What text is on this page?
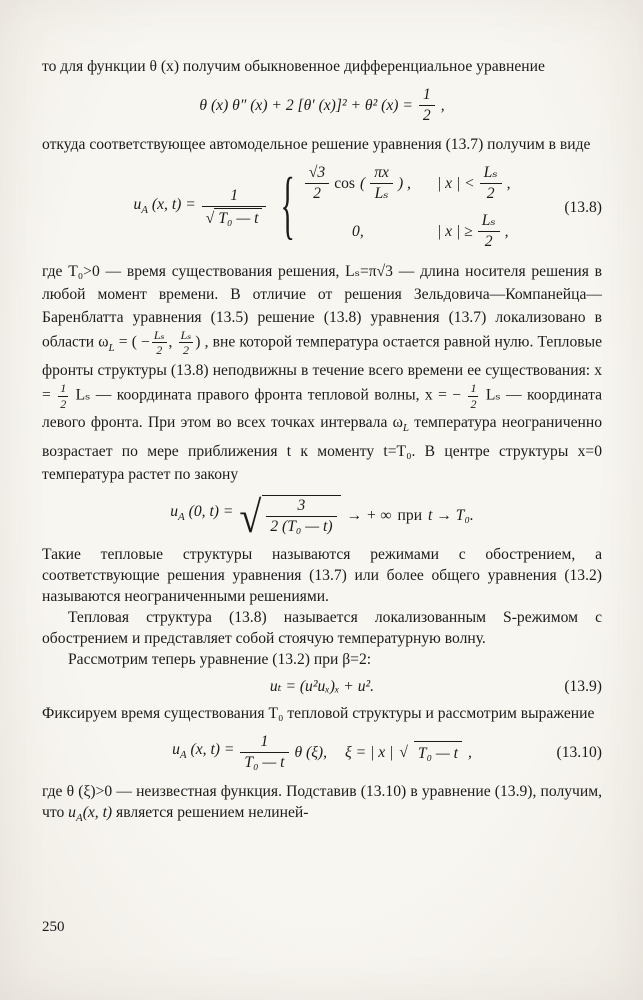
то для функции θ (x) получим обыкновенное дифференциальное уравнение

θ (x) θ″ (x) + 2 [θ′ (x)]² + θ² $(x) = \frac{1}{2}$ ,

откуда соответствующее автомодельное решение уравнения (13.7) получим в виде

$u_A$ (x, $t) = \frac{1}{\text{√ T₀ — t}}$ { $\frac{√3}{2}$ cos ( $\frac{\pi x}{\text{Lₛ}}$ ) , | x | < $\frac{\text{Lₛ}}{2}$ ,
0,	| x | ≥ $\frac{\text{Lₛ}}{2}$ ,
(13.8)

где T₀>0 — время существования решения, Lₛ=π√3 — длина носителя решения в любой момент времени. В отличие от решения Зельдовича—Компанейца—Баренблатта уравнения (13.5) решение (13.8) уравнения (13.7) локализовано в области $\omega_L$ = ( − $\frac{\text{Lₛ}}{2}$ , $\frac{\text{Lₛ}}{2}$ ) , вне которой температура остается равной нулю. Тепловые фронты структуры (13.8) неподвижны в течение всего времени ее существования: $x = \frac{1}{2}$ Lₛ — координата правого фронта тепловой волны, x = − $\frac{1}{2}$ Lₛ — координата левого фронта. При этом во всех точках интервала $\omega_L$ температура неограниченно возрастает по мере приближения t к моменту t=T₀. В центре структуры x=0 температура растет по закону

$u_A$ (0, t) = √ $\frac{3}{\text{2 (T₀ — t)}}$ → + ∞ при t → T₀.

Такие тепловые структуры называются режимами с обострением, а соответствующие решения уравнения (13.7) или более общего уравнения (13.2) называются неограниченными решениями.

Тепловая структура (13.8) называется локализованным S-режимом с обострением и представляет собой стоячую температурную волну.

Рассмотрим теперь уравнение (13.2) при β=2:

uₜ = (u²uₓ)ₓ + u².	(13.9)

Фиксируем время существования T₀ тепловой структуры и рассмотрим выражение

$u_A$ (x, $t) = \frac{1}{\text{T₀ — t}}$ θ (ξ), ξ = | x | √ T₀ — t ,	(13.10)

где θ (ξ)>0 — неизвестная функция. Подставив (13.10) в уравнение (13.9), получим, что $u_A(x$, t) является решением нелиней-

250
